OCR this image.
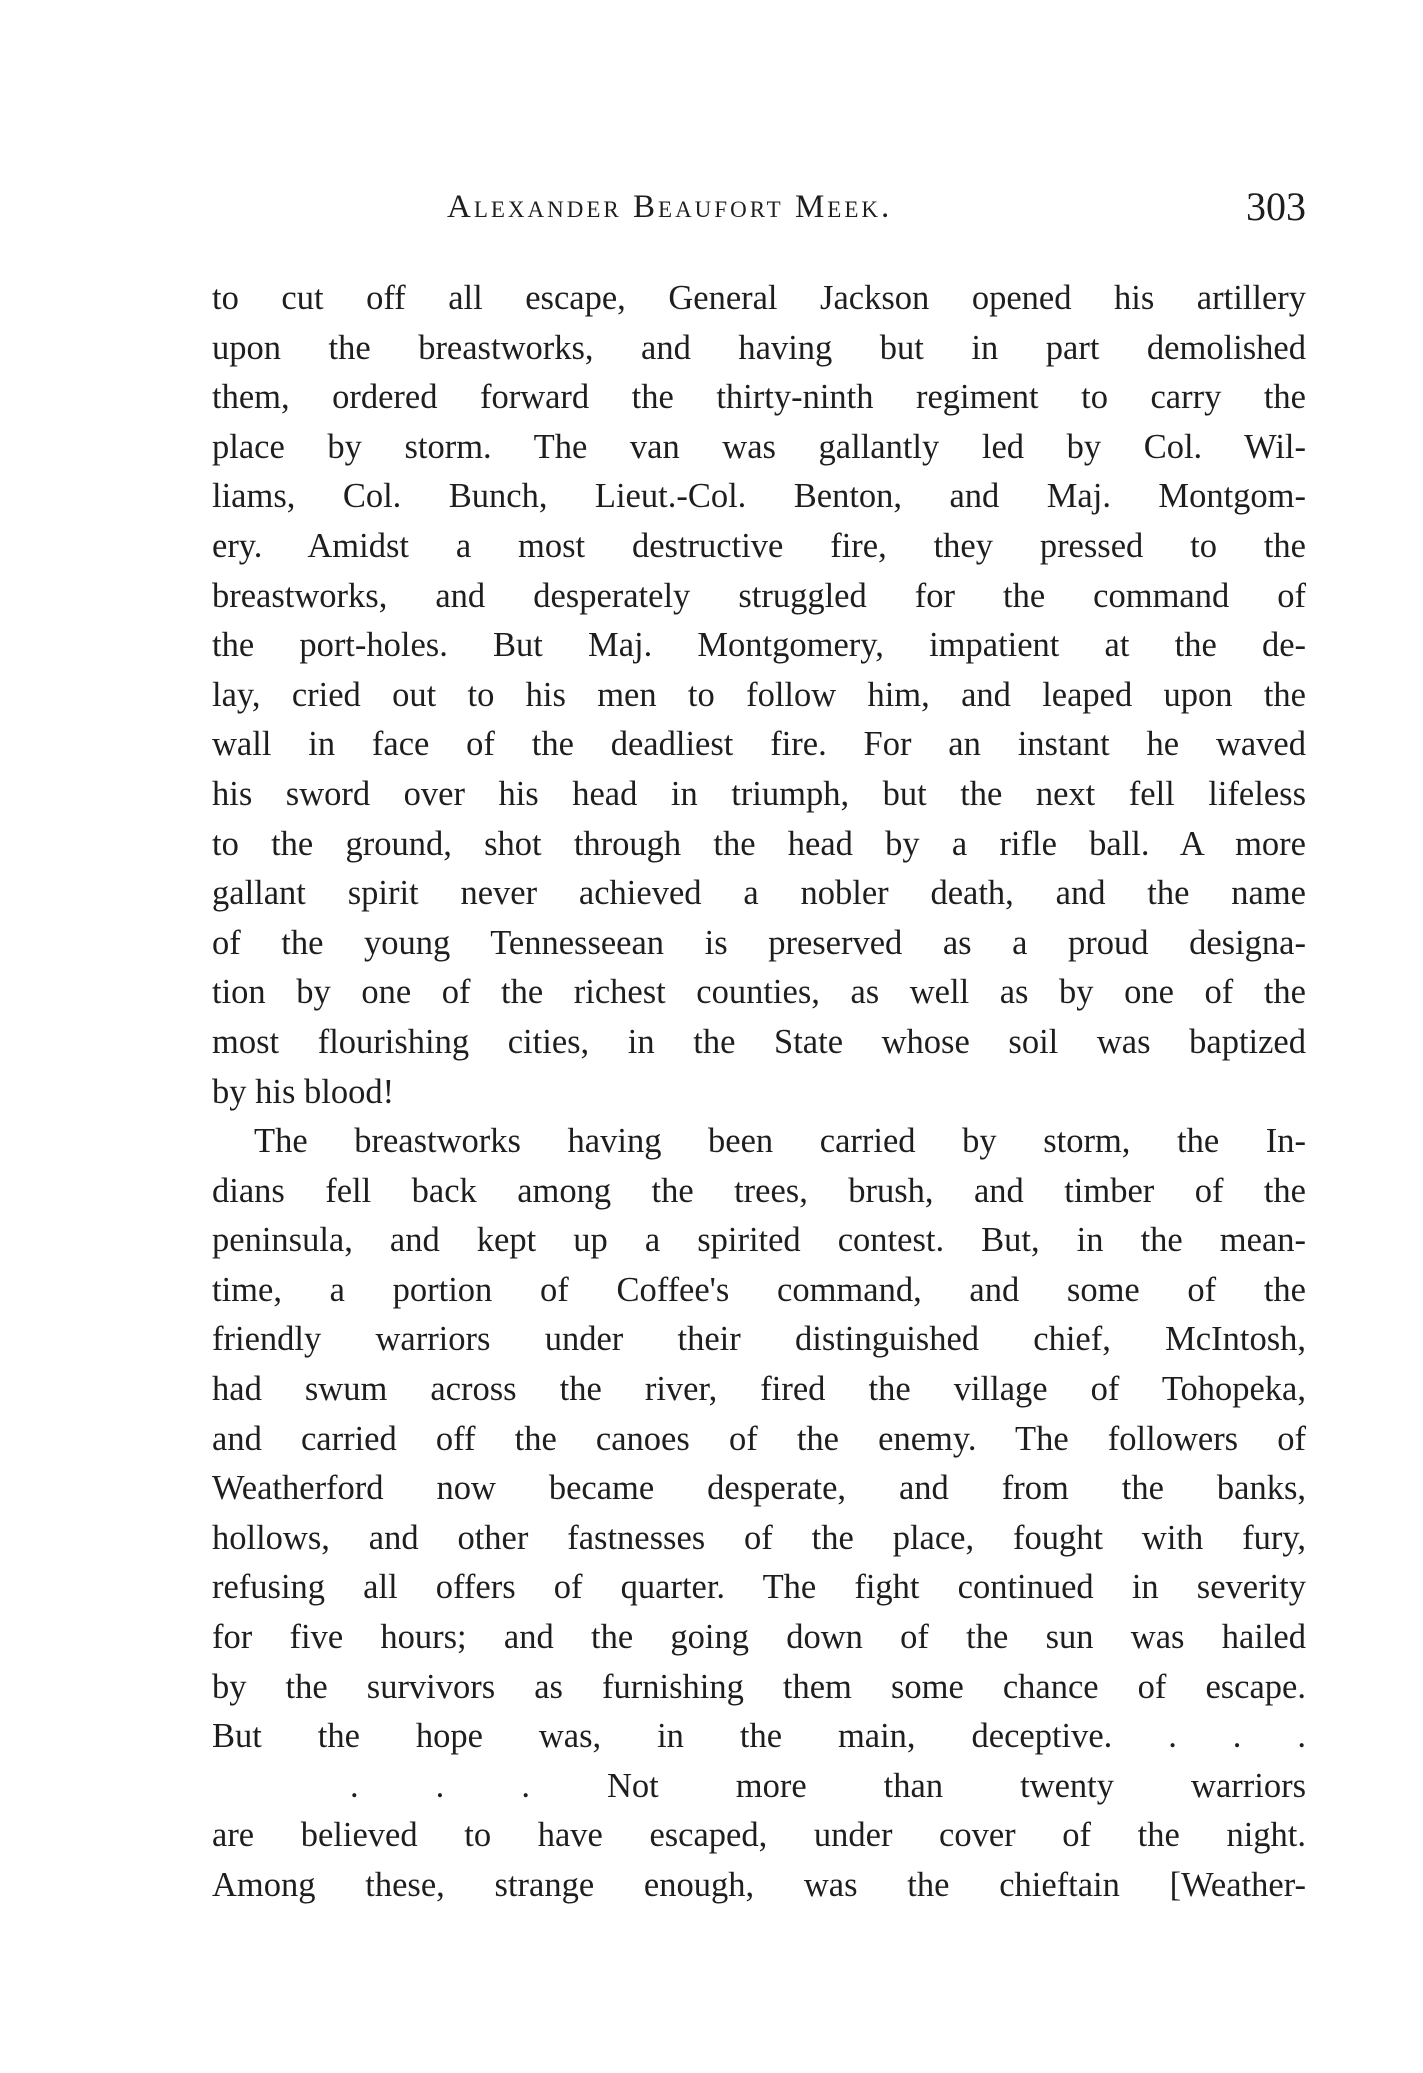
Alexander Beaufort Meek.	303
to cut off all escape, General Jackson opened his artillery
upon the breastworks, and having but in part demolished
them, ordered forward the thirty-ninth regiment to carry the
place by storm. The van was gallantly led by Col. Wil-
liams, Col. Bunch, Lieut.-Col. Benton, and Maj. Montgom-
ery. Amidst a most destructive fire, they pressed to the
breastworks, and desperately struggled for the command of
the port-holes. But Maj. Montgomery, impatient at the de-
lay, cried out to his men to follow him, and leaped upon the
wall in face of the deadliest fire. For an instant he waved
his sword over his head in triumph, but the next fell lifeless
to the ground, shot through the head by a rifle ball. A more
gallant spirit never achieved a nobler death, and the name
of the young Tennesseean is preserved as a proud designa-
tion by one of the richest counties, as well as by one of the
most flourishing cities, in the State whose soil was baptized
by his blood!
The breastworks having been carried by storm, the In-
dians fell back among the trees, brush, and timber of the
peninsula, and kept up a spirited contest. But, in the mean-
time, a portion of Coffee's command, and some of the
friendly warriors under their distinguished chief, McIntosh,
had swum across the river, fired the village of Tohopeka,
and carried off the canoes of the enemy. The followers of
Weatherford now became desperate, and from the banks,
hollows, and other fastnesses of the place, fought with fury,
refusing all offers of quarter. The fight continued in severity
for five hours; and the going down of the sun was hailed
by the survivors as furnishing them some chance of escape.
But the hope was, in the main, deceptive. . . .
. . . Not more than twenty warriors
are believed to have escaped, under cover of the night.
Among these, strange enough, was the chieftain [Weather-
